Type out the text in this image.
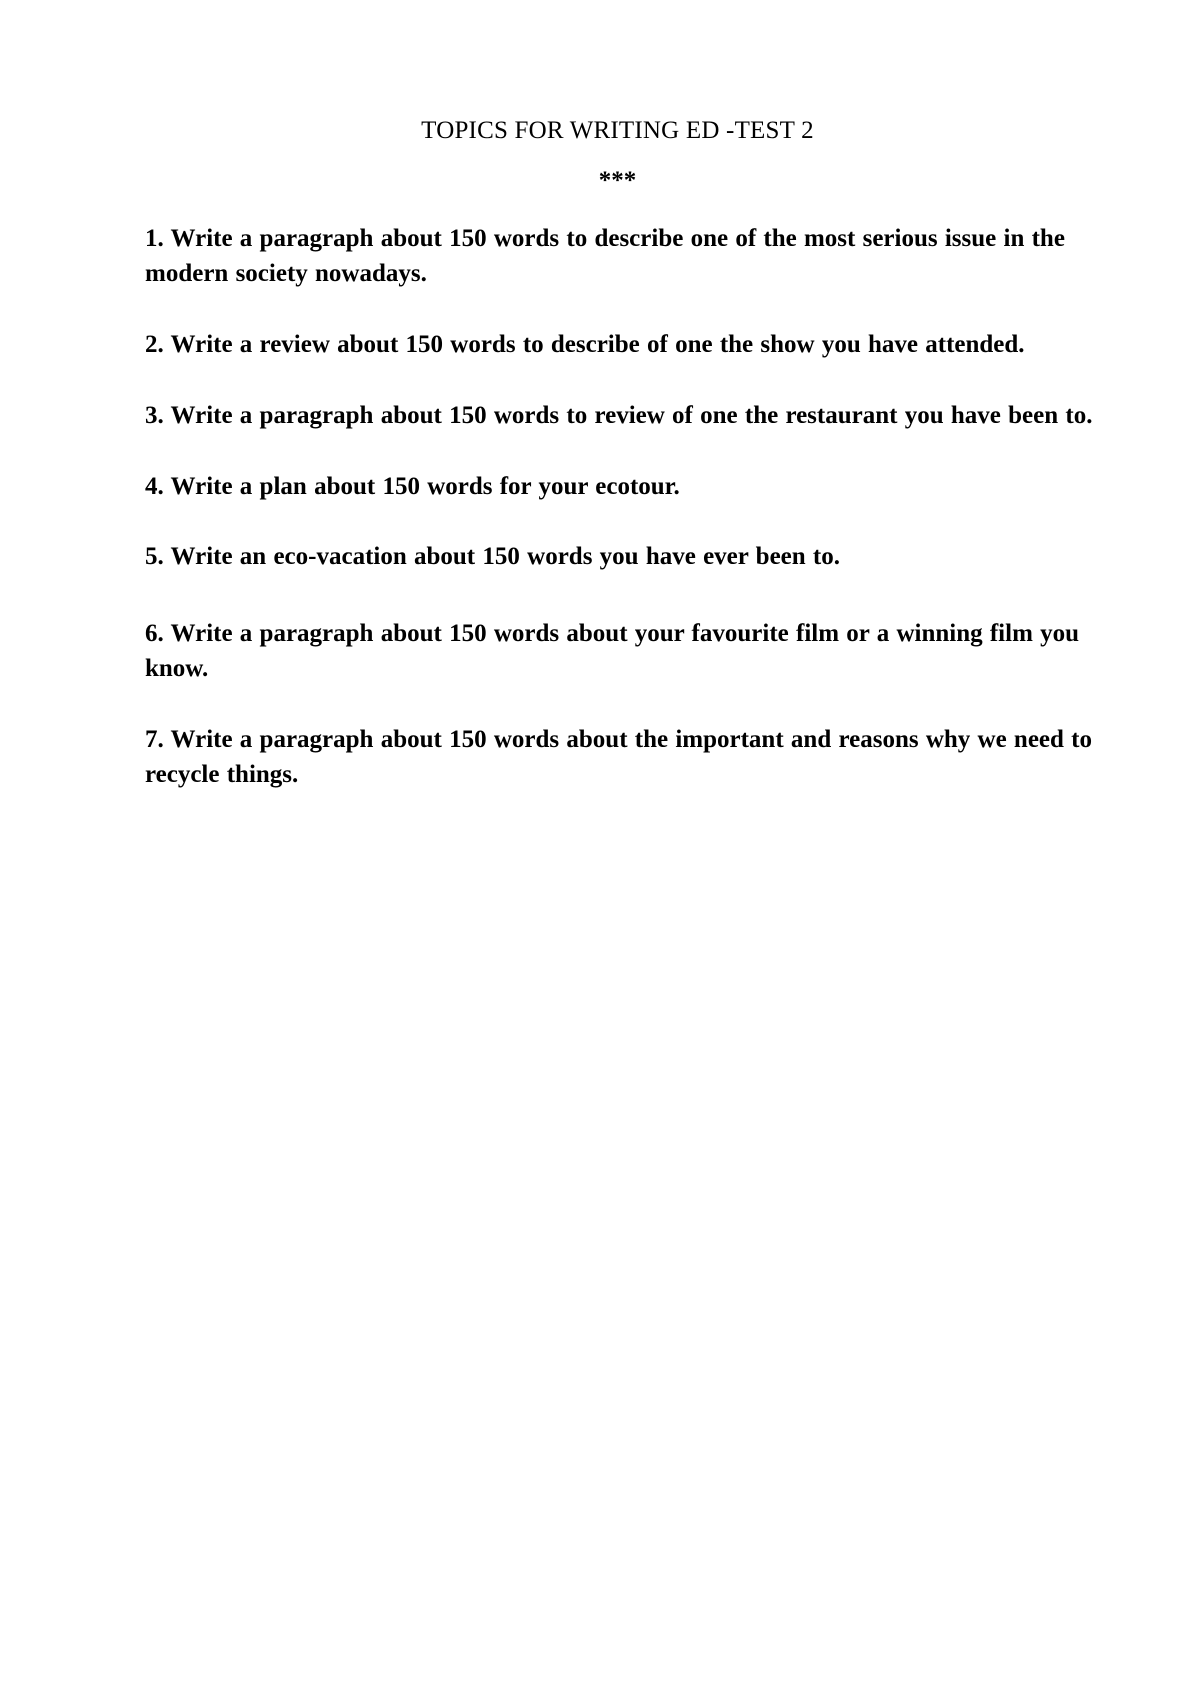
TOPICS FOR WRITING ED -TEST 2
***
1. Write a paragraph about 150 words to describe one of the most serious issue in the modern society nowadays.
2. Write a review about 150 words to describe of one the show you have attended.
3. Write a paragraph about 150 words to review of one the restaurant you have been to.
4. Write a plan about 150 words for your ecotour.
5. Write an eco-vacation about 150 words you have ever been to.
6. Write a paragraph about 150 words about your favourite film or a winning film you know.
7. Write a paragraph about 150 words about the important and reasons why we need to recycle things.
